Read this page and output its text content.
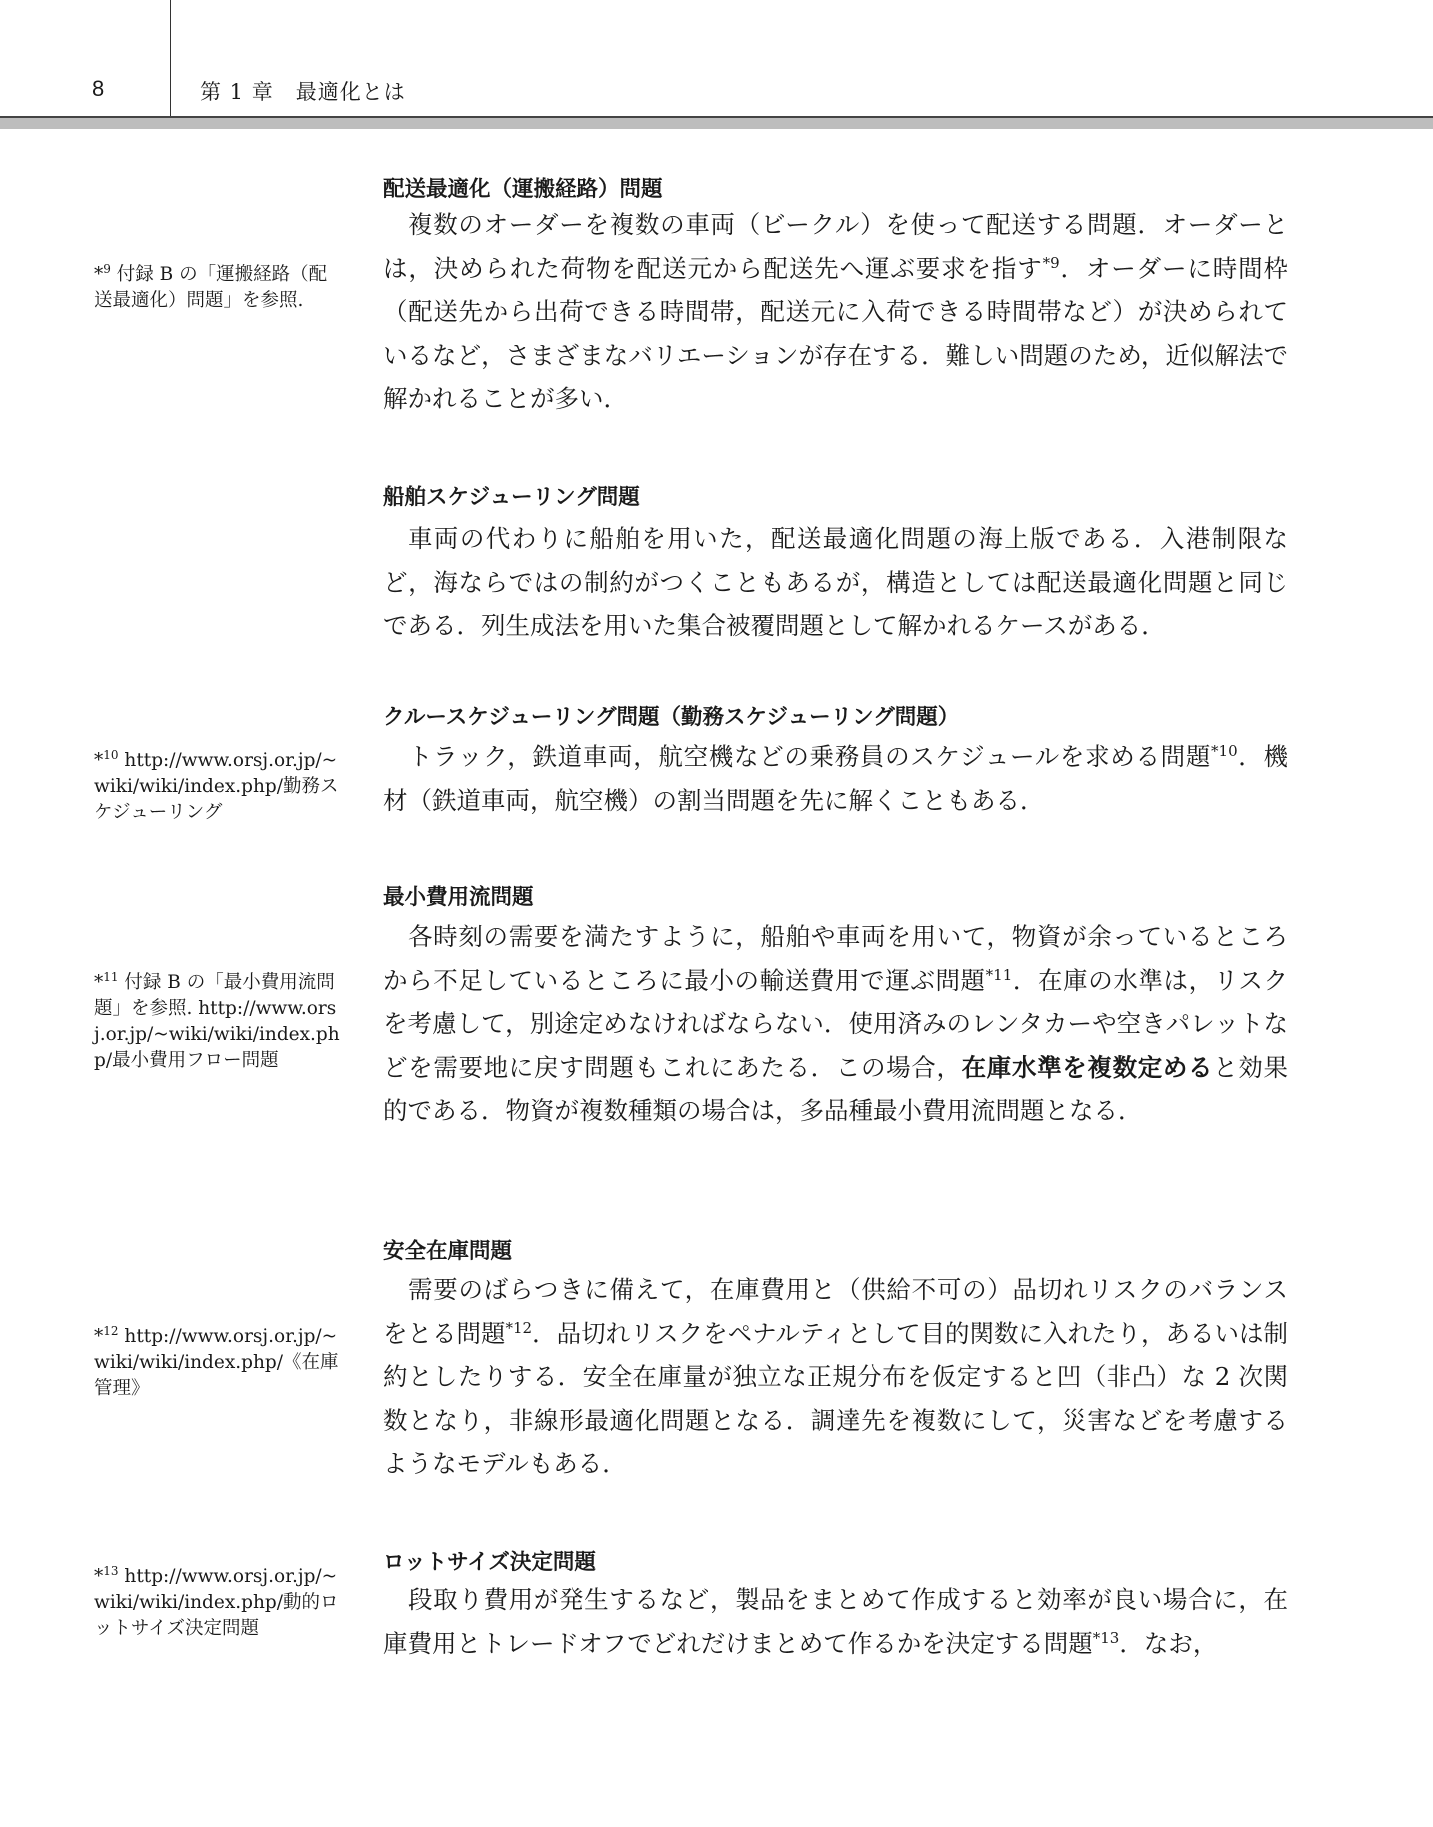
8	第 1 章　最適化とは
配送最適化（運搬経路）問題
複数のオーダーを複数の車両（ビークル）を使って配送する問題．オーダーとは，決められた荷物を配送元から配送先へ運ぶ要求を指す$^{*9}$．オーダーに時間枠（配送先から出荷できる時間帯，配送元に入荷できる時間帯など）が決められているなど，さまざまなバリエーションが存在する．難しい問題のため，近似解法で解かれることが多い．
船舶スケジューリング問題
車両の代わりに船舶を用いた，配送最適化問題の海上版である．入港制限など，海ならではの制約がつくこともあるが，構造としては配送最適化問題と同じである．列生成法を用いた集合被覆問題として解かれるケースがある．
クルースケジューリング問題（勤務スケジューリング問題）
トラック，鉄道車両，航空機などの乗務員のスケジュールを求める問題$^{*10}$．機材（鉄道車両，航空機）の割当問題を先に解くこともある．
最小費用流問題
各時刻の需要を満たすように，船舶や車両を用いて，物資が余っているところから不足しているところに最小の輸送費用で運ぶ問題$^{*11}$．在庫の水準は，リスクを考慮して，別途定めなければならない．使用済みのレンタカーや空きパレットなどを需要地に戻す問題もこれにあたる．この場合，在庫水準を複数定めると効果的である．物資が複数種類の場合は，多品種最小費用流問題となる．
安全在庫問題
需要のばらつきに備えて，在庫費用と（供給不可の）品切れリスクのバランスをとる問題$^{*12}$．品切れリスクをペナルティとして目的関数に入れたり，あるいは制約としたりする．安全在庫量が独立な正規分布を仮定すると凹（非凸）な 2 次関数となり，非線形最適化問題となる．調達先を複数にして，災害などを考慮するようなモデルもある．
ロットサイズ決定問題
段取り費用が発生するなど，製品をまとめて作成すると効率が良い場合に，在庫費用とトレードオフでどれだけまとめて作るかを決定する問題$^{*13}$．なお，
*$^9$ 付録 B の「運搬経路（配送最適化）問題」を参照.
*$^{10}$ http://www.orsj.or.jp/~wiki/wiki/index.php/勤務スケジューリング
*$^{11}$ 付録 B の「最小費用流問題」を参照. http://www.orsj.or.jp/~wiki/wiki/index.php/最小費用フロー問題
*$^{12}$ http://www.orsj.or.jp/~wiki/wiki/index.php/《在庫管理》
*$^{13}$ http://www.orsj.or.jp/~wiki/wiki/index.php/動的ロットサイズ決定問題
